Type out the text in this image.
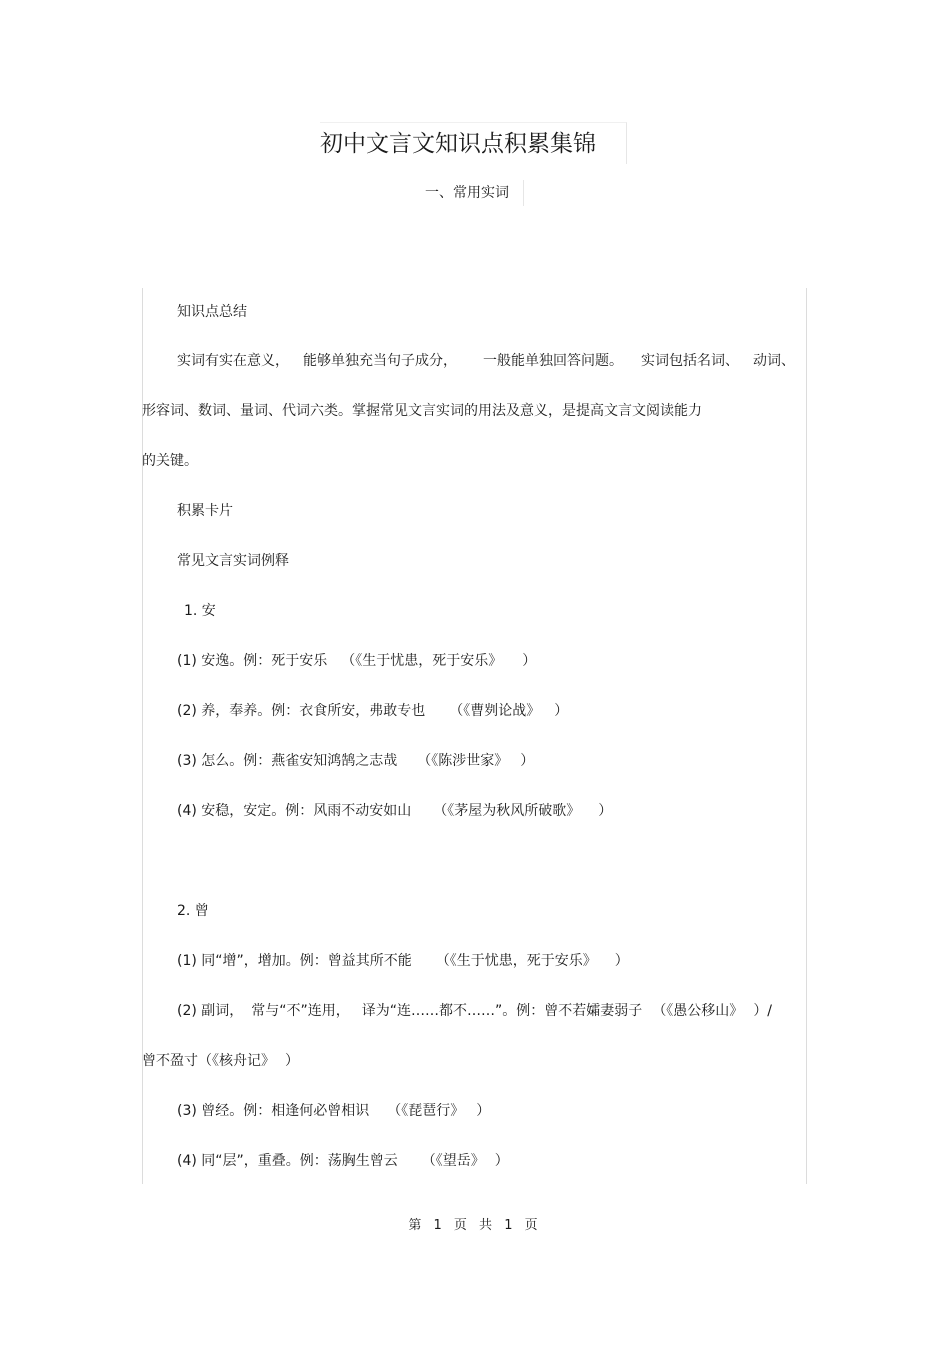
初中文言文知识点积累集锦
一、常用实词
知识点总结
实词有实在意义， 能够单独充当句子成分， 一般能单独回答问题。 实词包括名词、 动词、
形容词、数词、量词、代词六类。掌握常见文言实词的用法及意义，是提高文言文阅读能力
的关键。
积累卡片
常见文言实词例释
1. 安
(1) 安逸。例：死于安乐 （《生于忧患，死于安乐》 ）
(2) 养，奉养。例：衣食所安，弗敢专也 （《曹刿论战》 ）
(3) 怎么。例：燕雀安知鸿鹄之志哉 （《陈涉世家》 ）
(4) 安稳，安定。例：风雨不动安如山 （《茅屋为秋风所破歌》 ）
2. 曾
(1) 同“增”，增加。例：曾益其所不能 （《生于忧患，死于安乐》 ）
(2) 副词， 常与“不”连用， 译为“连……都不……”。例：曾不若孀妻弱子 （《愚公移山》 ）/
曾不盈寸（《核舟记》 ）
(3) 曾经。例：相逢何必曾相识 （《琵琶行》 ）
(4) 同“层”，重叠。例：荡胸生曾云 （《望岳》 ）
第 1 页 共 1 页
